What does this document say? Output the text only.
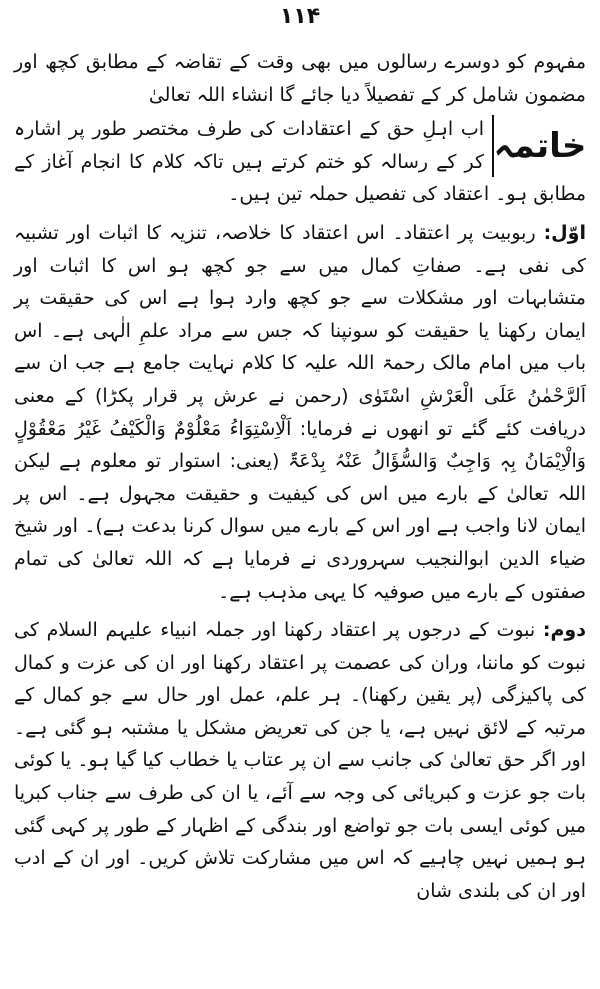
۱۱۴

مفہوم کو دوسرے رسالوں میں بھی وقت کے تقاضہ کے مطابق کچھ اور مضمون شامل کر کے تفصیلاً دیا جائے گا انشاء اللہ تعالیٰ

خاتمہ

اب اہلِ حق کے اعتقادات کی طرف مختصر طور پر اشارہ کر کے رسالہ کو ختم کرتے ہیں تاکہ کلام کا انجام آغاز کے مطابق ہو۔ اعتقاد کی تفصیل حملہ تین ہیں۔

اوّل: ربوبیت پر اعتقاد۔ اس اعتقاد کا خلاصہ، تنزیہ کا اثبات اور تشبیہ کی نفی ہے۔ صفاتِ کمال میں سے جو کچھ ہو اس کا اثبات اور متشابہات اور مشکلات سے جو کچھ وارد ہوا ہے اس کی حقیقت پر ایمان رکھنا یا حقیقت کو سونپنا کہ جس سے مراد علمِ الٰہی ہے۔ اس باب میں امام مالک رحمۃ اللہ علیہ کا کلام نہایت جامع ہے جب ان سے اَلرَّحْمٰنُ عَلَی الْعَرْشِ اسْتَوٰی (رحمن نے عرش پر قرار پکڑا) کے معنی دریافت کئے گئے تو انھوں نے فرمایا: اَلْاِسْتِوَاءُ مَعْلُوْمٌ وَالْکَیْفُ غَیْرُ مَعْقُوْلٍ وَالْاِیْمَانُ بِہٖ وَاجِبٌ وَالسُّؤَالُ عَنْہُ بِدْعَۃٌ (یعنی: استوار تو معلوم ہے لیکن اللہ تعالیٰ کے بارے میں اس کی کیفیت و حقیقت مجہول ہے۔ اس پر ایمان لانا واجب ہے اور اس کے بارے میں سوال کرنا بدعت ہے)۔ اور شیخ ضیاء الدین ابوالنجیب سہروردی نے فرمایا ہے کہ اللہ تعالیٰ کی تمام صفتوں کے بارے میں صوفیہ کا یہی مذہب ہے۔

دوم: نبوت کے درجوں پر اعتقاد رکھنا اور جملہ انبیاء علیہم السلام کی نبوت کو ماننا، وران کی عصمت پر اعتقاد رکھنا اور ان کی عزت و کمال کی پاکیزگی (پر یقین رکھنا)۔ ہر علم، عمل اور حال سے جو کمال کے مرتبہ کے لائق نہیں ہے، یا جن کی تعریض مشکل یا مشتبہ ہو گئی ہے۔ اور اگر حق تعالیٰ کی جانب سے ان پر عتاب یا خطاب کیا گیا ہو۔ یا کوئی بات جو عزت و کبریائی کی وجہ سے آئے، یا ان کی طرف سے جناب کبریا میں کوئی ایسی بات جو تواضع اور بندگی کے اظہار کے طور پر کہی گئی ہو ہمیں نہیں چاہیے کہ اس میں مشارکت تلاش کریں۔ اور ان کے ادب اور ان کی بلندی شان
